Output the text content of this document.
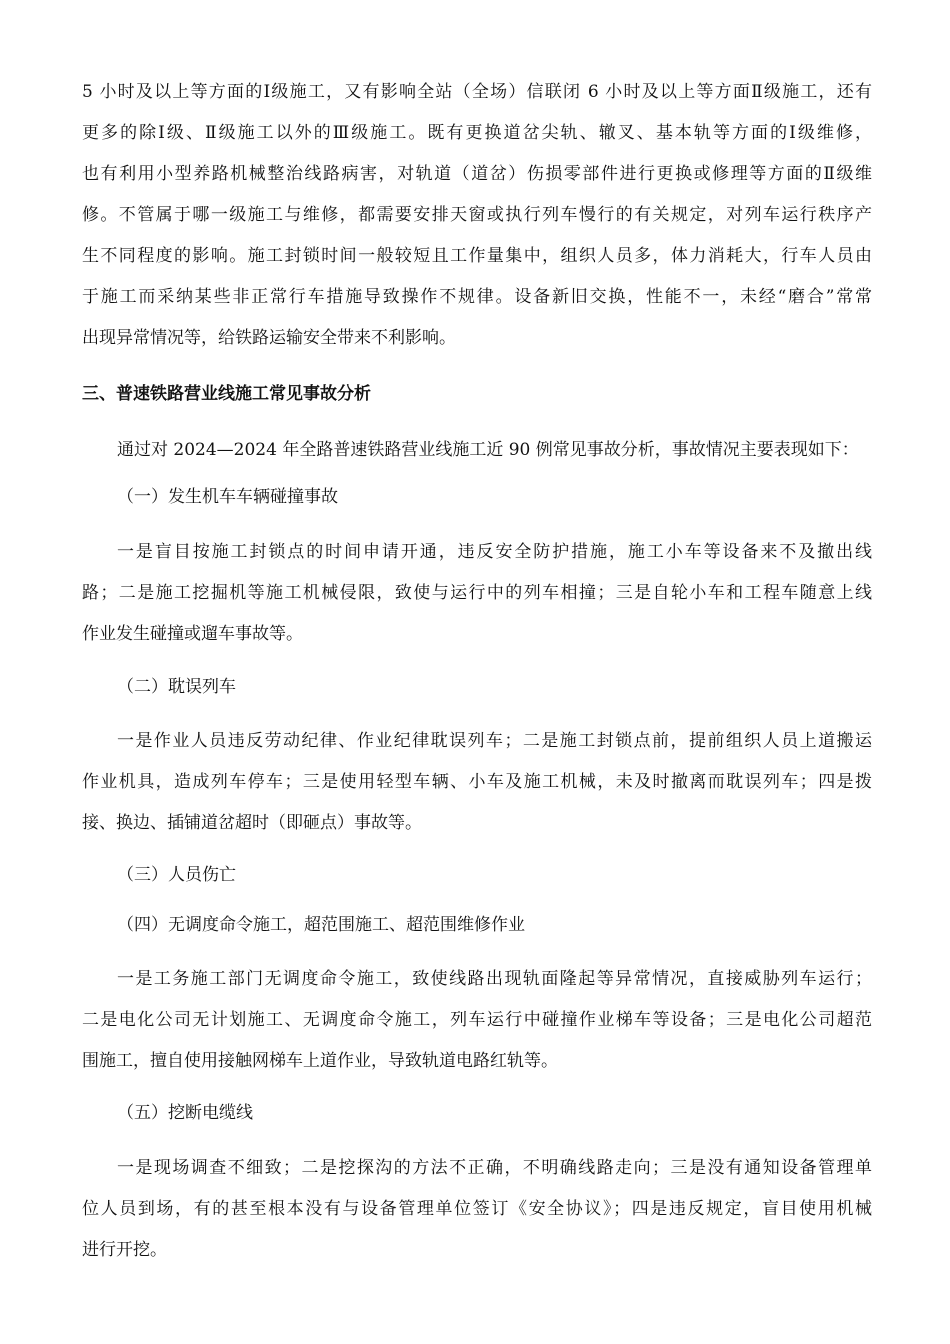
5 小时及以上等方面的Ⅰ级施工，又有影响全站（全场）信联闭 6 小时及以上等方面Ⅱ级施工，还有
更多的除Ⅰ级、Ⅱ级施工以外的Ⅲ级施工。既有更换道岔尖轨、辙叉、基本轨等方面的Ⅰ级维修，
也有利用小型养路机械整治线路病害，对轨道（道岔）伤损零部件进行更换或修理等方面的Ⅱ级维
修。不管属于哪一级施工与维修，都需要安排天窗或执行列车慢行的有关规定，对列车运行秩序产
生不同程度的影响。施工封锁时间一般较短且工作量集中，组织人员多，体力消耗大，行车人员由
于施工而采纳某些非正常行车措施导致操作不规律。设备新旧交换，性能不一，未经“磨合”常常
出现异常情况等，给铁路运输安全带来不利影响。
三、普速铁路营业线施工常见事故分析
通过对 2024—2024 年全路普速铁路营业线施工近 90 例常见事故分析，事故情况主要表现如下：
（一）发生机车车辆碰撞事故
一是盲目按施工封锁点的时间申请开通，违反安全防护措施，施工小车等设备来不及撤出线
路；二是施工挖掘机等施工机械侵限，致使与运行中的列车相撞；三是自轮小车和工程车随意上线
作业发生碰撞或遛车事故等。
（二）耽误列车
一是作业人员违反劳动纪律、作业纪律耽误列车；二是施工封锁点前，提前组织人员上道搬运
作业机具，造成列车停车；三是使用轻型车辆、小车及施工机械，未及时撤离而耽误列车；四是拨
接、换边、插铺道岔超时（即砸点）事故等。
（三）人员伤亡
（四）无调度命令施工，超范围施工、超范围维修作业
一是工务施工部门无调度命令施工，致使线路出现轨面隆起等异常情况，直接威胁列车运行；
二是电化公司无计划施工、无调度命令施工，列车运行中碰撞作业梯车等设备；三是电化公司超范
围施工，擅自使用接触网梯车上道作业，导致轨道电路红轨等。
（五）挖断电缆线
一是现场调查不细致；二是挖探沟的方法不正确，不明确线路走向；三是没有通知设备管理单
位人员到场，有的甚至根本没有与设备管理单位签订《安全协议》；四是违反规定，盲目使用机械
进行开挖。
